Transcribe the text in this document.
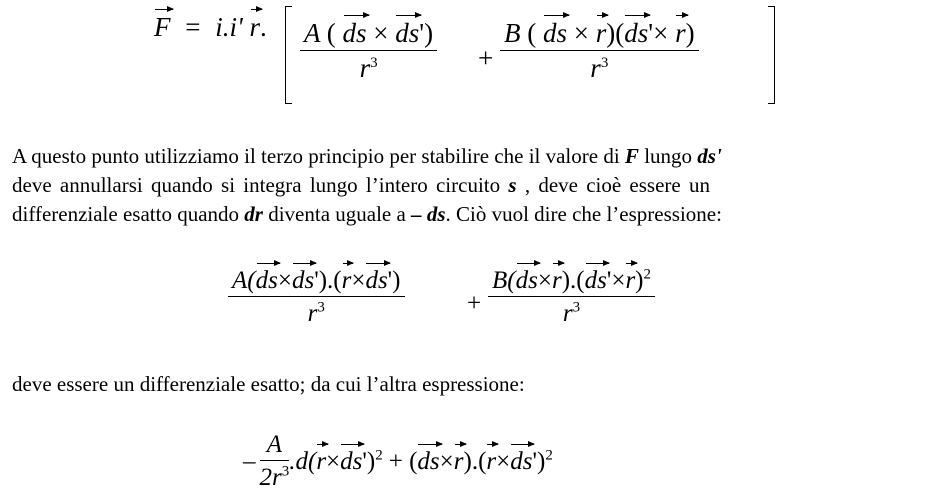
F = i.i' r. $\frac{A ( ds \times ds')}{r^3} + \frac{B ( ds \times r)(ds'\times r)}{r^3}$
A questo punto utilizziamo il terzo principio per stabilire che il valore di F lungo ds'
deve annullarsi quando si integra lungo l’intero circuito s , deve cioè essere un
differenziale esatto quando dr diventa uguale a – ds. Ciò vuol dire che l’espressione:
$\frac{A(ds\times ds').(r\times ds')}{r^3} + \frac{B(ds\times r).(ds'\times r)^2}{r^3}$
deve essere un differenziale esatto; da cui l’altra espressione:
– $\frac{A}{2r^3} .d(r\times ds')^2 + (ds\times r).(r\times ds')^2$
